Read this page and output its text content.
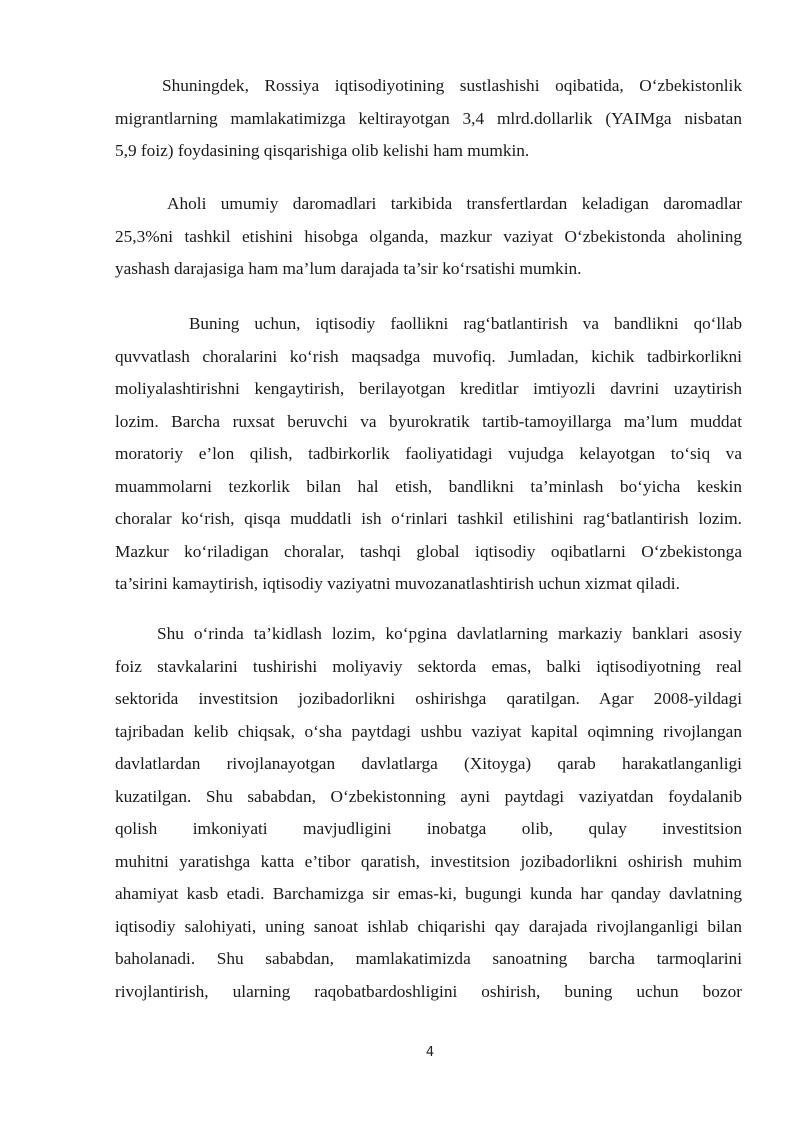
Shuningdek, Rossiya iqtisodiyotining sustlashishi oqibatida, O‘zbekistonlik
migrantlarning mamlakatimizga keltirayotgan 3,4 mlrd.dollarlik (YAIMga nisbatan
5,9 foiz) foydasining qisqarishiga olib kelishi ham mumkin.
Aholi umumiy daromadlari tarkibida transfertlardan keladigan daromadlar
25,3%ni tashkil etishini hisobga olganda, mazkur vaziyat O‘zbekistonda aholining
yashash darajasiga ham ma’lum darajada ta’sir ko‘rsatishi mumkin.
Buning uchun, iqtisodiy faollikni rag‘batlantirish va bandlikni qo‘llab
quvvatlash choralarini ko‘rish maqsadga muvofiq. Jumladan, kichik tadbirkorlikni
moliyalashtirishni kengaytirish, berilayotgan kreditlar imtiyozli davrini uzaytirish
lozim. Barcha ruxsat beruvchi va byurokratik tartib-tamoyillarga ma’lum muddat
moratoriy e’lon qilish, tadbirkorlik faoliyatidagi vujudga kelayotgan to‘siq va
muammolarni tezkorlik bilan hal etish, bandlikni ta’minlash bo‘yicha keskin
choralar ko‘rish, qisqa muddatli ish o‘rinlari tashkil etilishini rag‘batlantirish lozim.
Mazkur ko‘riladigan choralar, tashqi global iqtisodiy oqibatlarni O‘zbekistonga
ta’sirini kamaytirish, iqtisodiy vaziyatni muvozanatlashtirish uchun xizmat qiladi.
Shu o‘rinda ta’kidlash lozim, ko‘pgina davlatlarning markaziy banklari asosiy
foiz stavkalarini tushirishi moliyaviy sektorda emas, balki iqtisodiyotning real
sektorida investitsion jozibadorlikni oshirishga qaratilgan. Agar 2008-yildagi
tajribadan kelib chiqsak, o‘sha paytdagi ushbu vaziyat kapital oqimning rivojlangan
davlatlardan rivojlanayotgan davlatlarga (Xitoyga) qarab harakatlanganligi
kuzatilgan. Shu sababdan, O‘zbekistonning ayni paytdagi vaziyatdan foydalanib
qolish imkoniyati mavjudligini inobatga olib, qulay investitsion
muhitni yaratishga katta e’tibor qaratish, investitsion jozibadorlikni oshirish muhim
ahamiyat kasb etadi. Barchamizga sir emas-ki, bugungi kunda har qanday davlatning
iqtisodiy salohiyati, uning sanoat ishlab chiqarishi qay darajada rivojlanganligi bilan
baholanadi. Shu sababdan, mamlakatimizda sanoatning barcha tarmoqlarini
rivojlantirish, ularning raqobatbardoshligini oshirish, buning uchun bozor
4
